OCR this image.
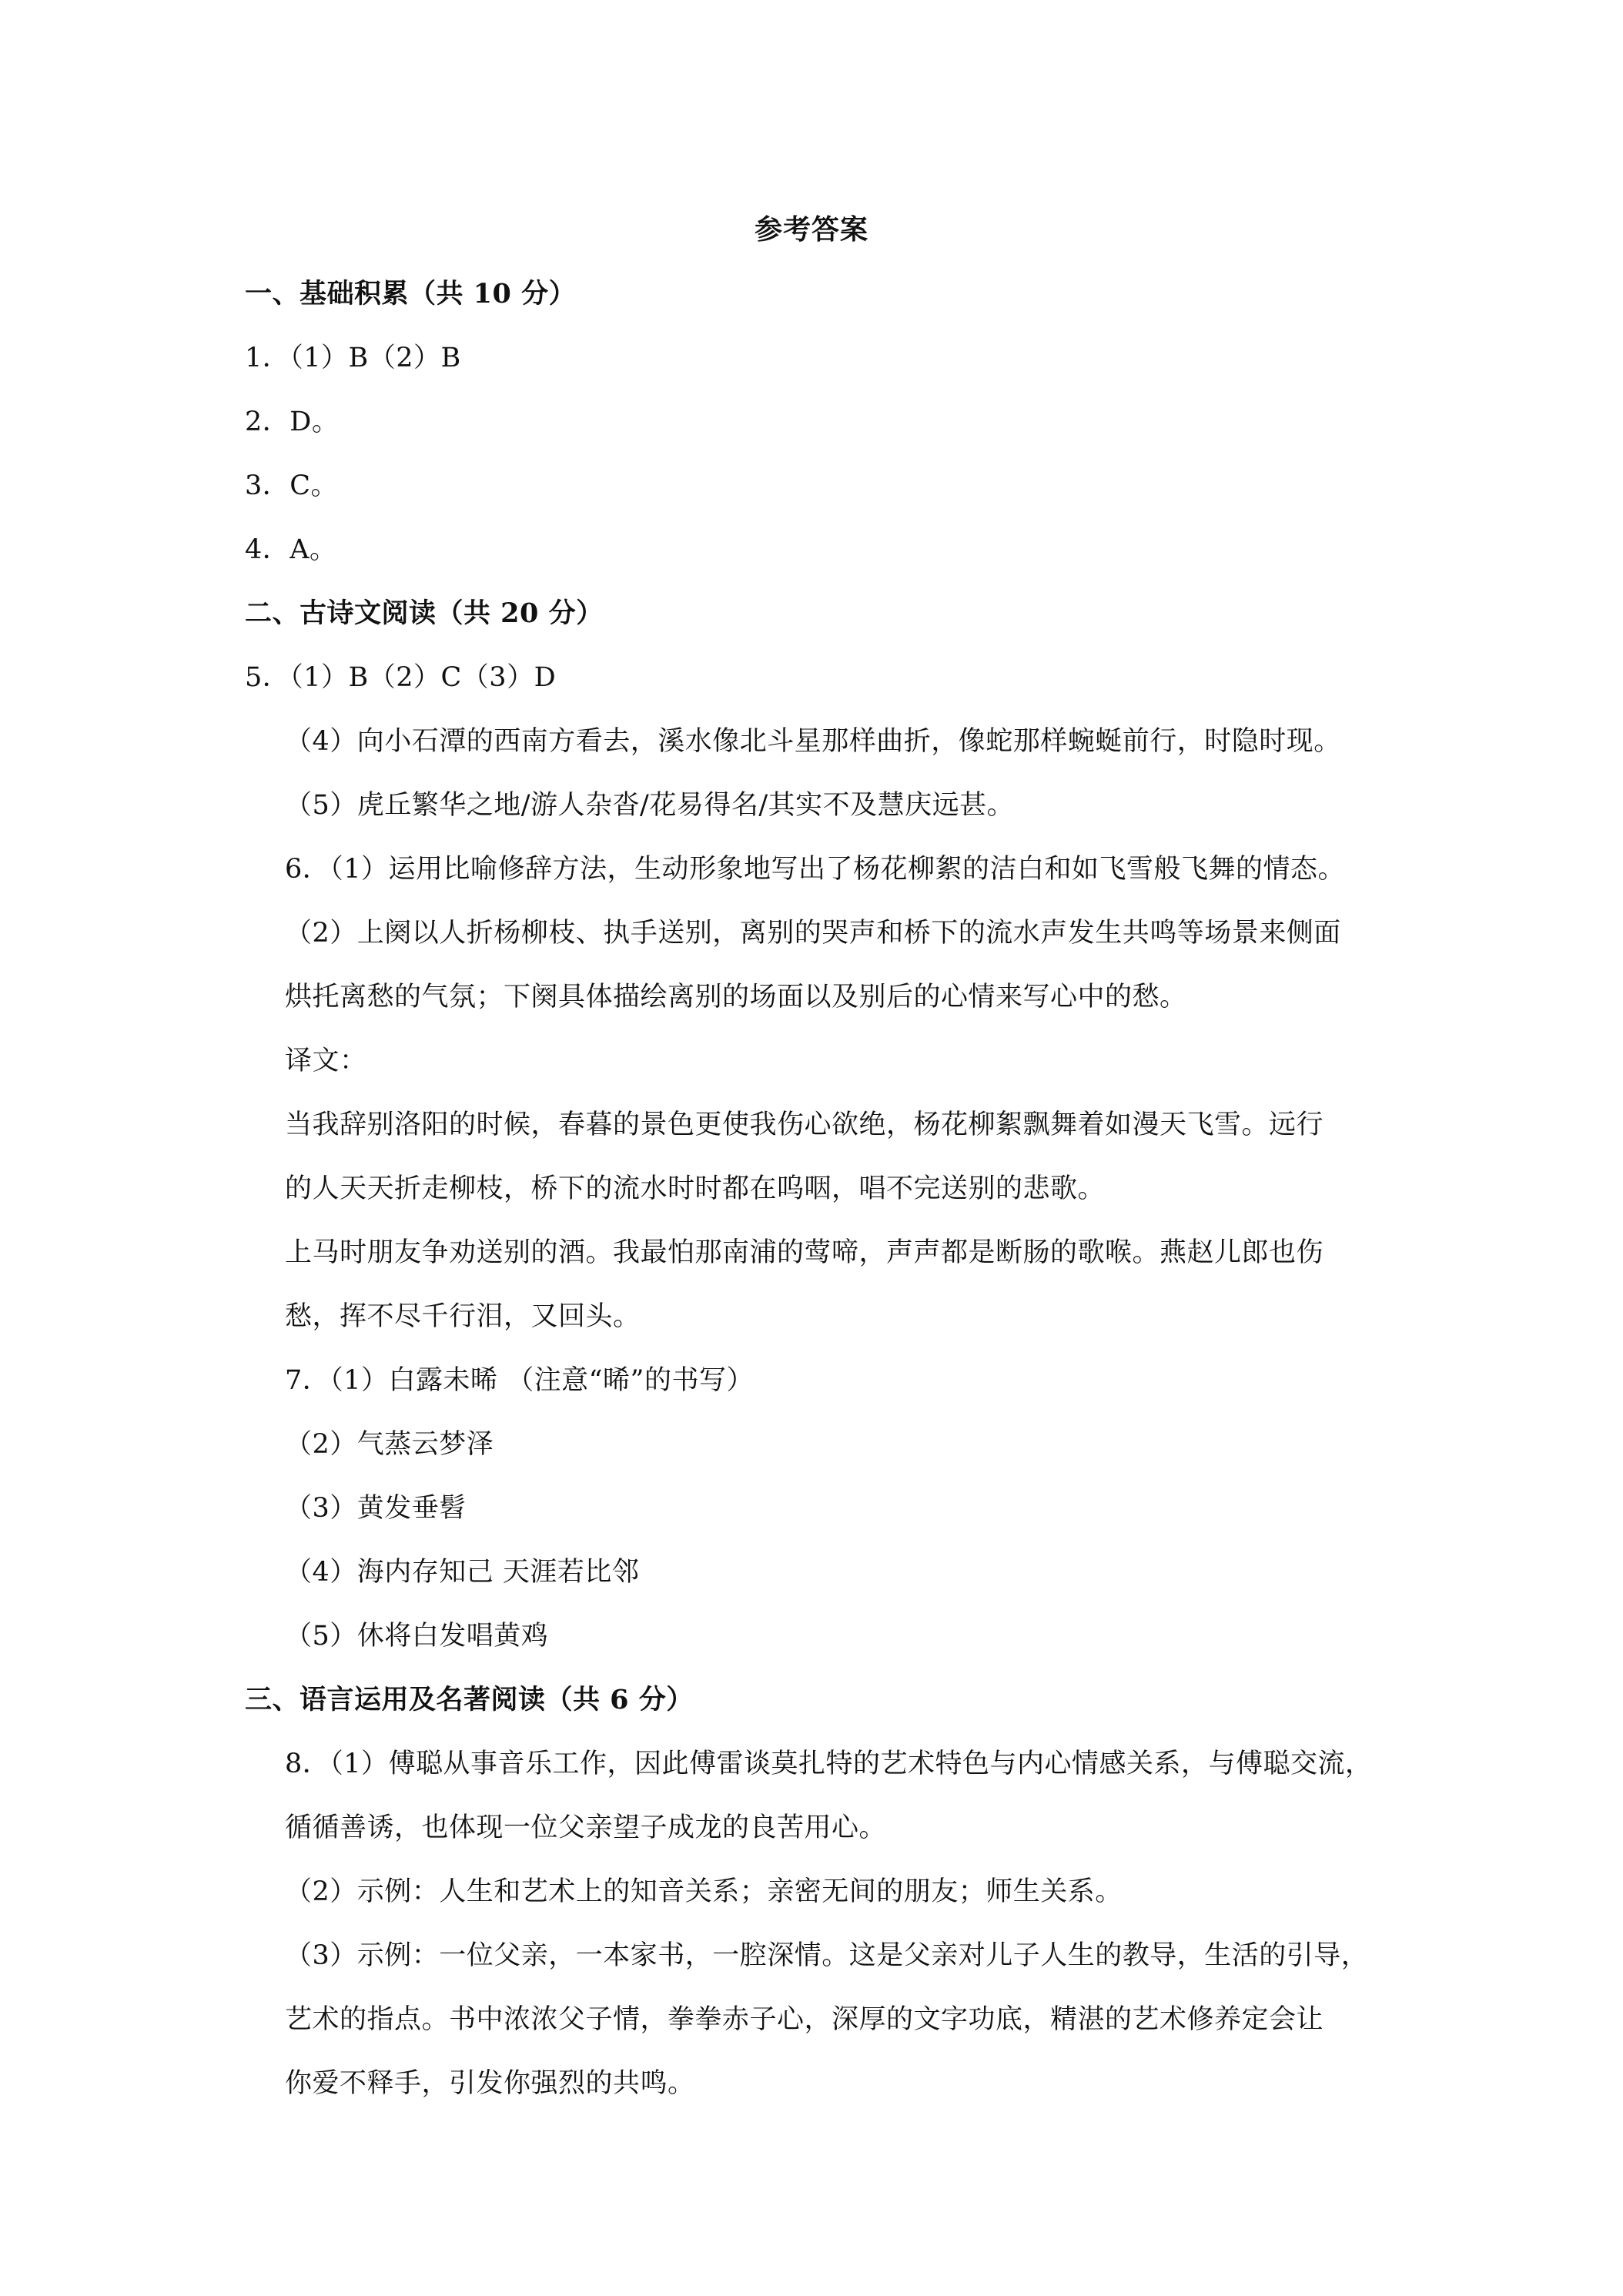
参考答案
一、基础积累（共 10 分）
1．（1）B（2）B
2．D。
3．C。
4．A。
二、古诗文阅读（共 20 分）
5．（1）B（2）C（3）D
（4）向小石潭的西南方看去，溪水像北斗星那样曲折，像蛇那样蜿蜒前行，时隐时现。
（5）虎丘繁华之地/游人杂沓/花易得名/其实不及慧庆远甚。
6．（1）运用比喻修辞方法，生动形象地写出了杨花柳絮的洁白和如飞雪般飞舞的情态。
（2）上阕以人折杨柳枝、执手送别，离别的哭声和桥下的流水声发生共鸣等场景来侧面
烘托离愁的气氛；下阕具体描绘离别的场面以及别后的心情来写心中的愁。
译文：
当我辞别洛阳的时候，春暮的景色更使我伤心欲绝，杨花柳絮飘舞着如漫天飞雪。远行
的人天天折走柳枝，桥下的流水时时都在呜咽，唱不完送别的悲歌。
上马时朋友争劝送别的酒。我最怕那南浦的莺啼，声声都是断肠的歌喉。燕赵儿郎也伤
愁，挥不尽千行泪，又回头。
7．（1）白露未晞 （注意“晞”的书写）
（2）气蒸云梦泽
（3）黄发垂髫
（4）海内存知己 天涯若比邻
（5）休将白发唱黄鸡
三、语言运用及名著阅读（共 6 分）
8．（1）傅聪从事音乐工作，因此傅雷谈莫扎特的艺术特色与内心情感关系，与傅聪交流，
循循善诱，也体现一位父亲望子成龙的良苦用心。
（2）示例：人生和艺术上的知音关系；亲密无间的朋友；师生关系。
（3）示例：一位父亲，一本家书，一腔深情。这是父亲对儿子人生的教导，生活的引导，
艺术的指点。书中浓浓父子情，拳拳赤子心，深厚的文字功底，精湛的艺术修养定会让
你爱不释手，引发你强烈的共鸣。
